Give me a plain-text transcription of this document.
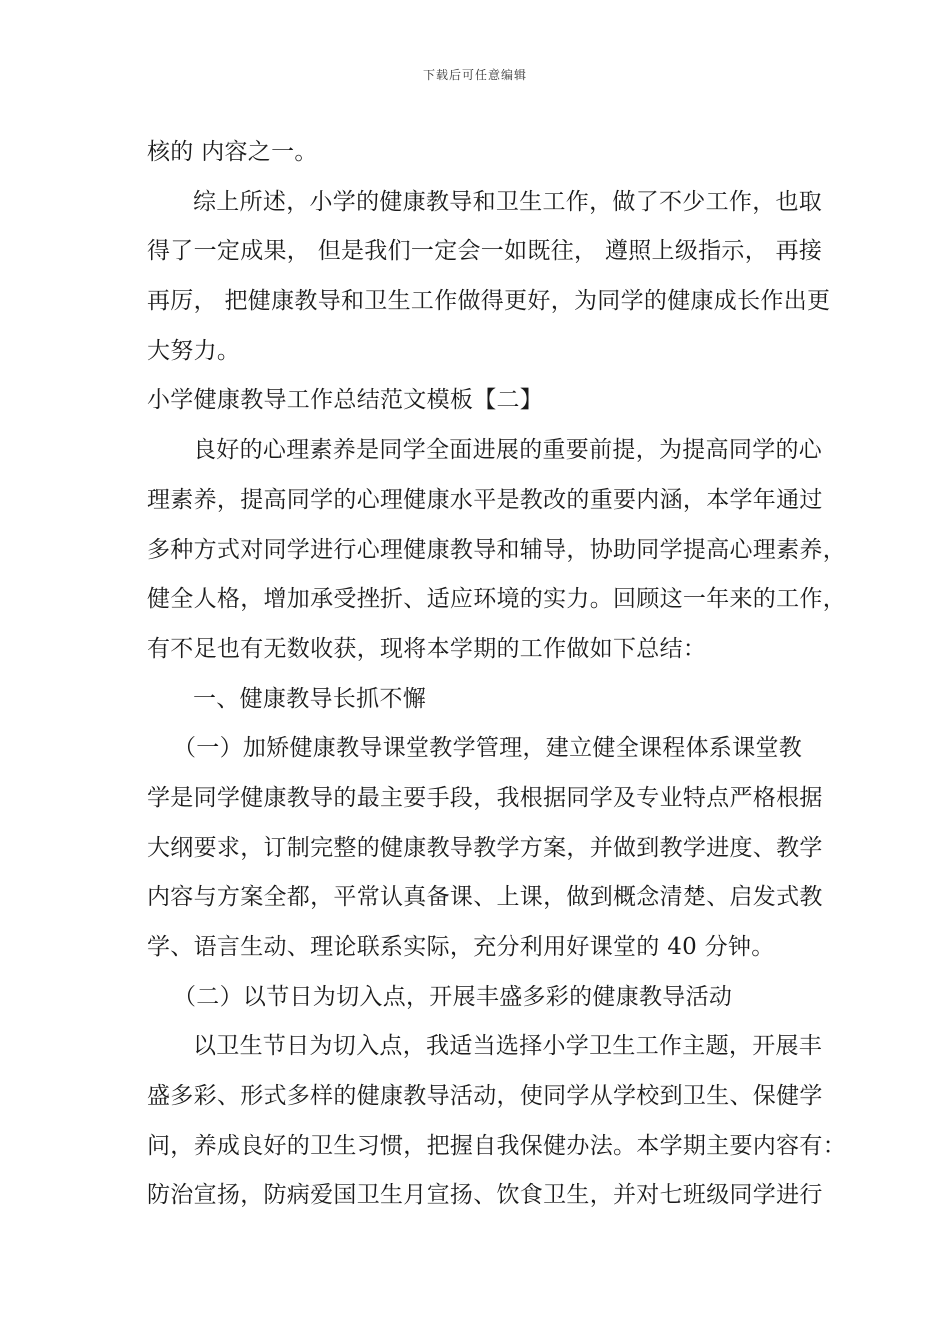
下载后可任意编辑
核的 内容之一。
综上所述，小学的健康教导和卫生工作，做了不少工作，也取
得了一定成果， 但是我们一定会一如既往， 遵照上级指示， 再接
再厉， 把健康教导和卫生工作做得更好，为同学的健康成长作出更
大努力。
小学健康教导工作总结范文模板【二】
良好的心理素养是同学全面进展的重要前提，为提高同学的心
理素养，提高同学的心理健康水平是教改的重要内涵，本学年通过
多种方式对同学进行心理健康教导和辅导，协助同学提高心理素养，
健全人格，增加承受挫折、适应环境的实力。回顾这一年来的工作，
有不足也有无数收获，现将本学期的工作做如下总结：
一、健康教导长抓不懈
（一）加矫健康教导课堂教学管理，建立健全课程体系课堂教
学是同学健康教导的最主要手段，我根据同学及专业特点严格根据
大纲要求，订制完整的健康教导教学方案，并做到教学进度、教学
内容与方案全都，平常认真备课、上课，做到概念清楚、启发式教
学、语言生动、理论联系实际，充分利用好课堂的 40 分钟。
（二）以节日为切入点，开展丰盛多彩的健康教导活动
以卫生节日为切入点，我适当选择小学卫生工作主题，开展丰
盛多彩、形式多样的健康教导活动，使同学从学校到卫生、保健学
问，养成良好的卫生习惯，把握自我保健办法。本学期主要内容有：
防治宣扬，防病爱国卫生月宣扬、饮食卫生，并对七班级同学进行
